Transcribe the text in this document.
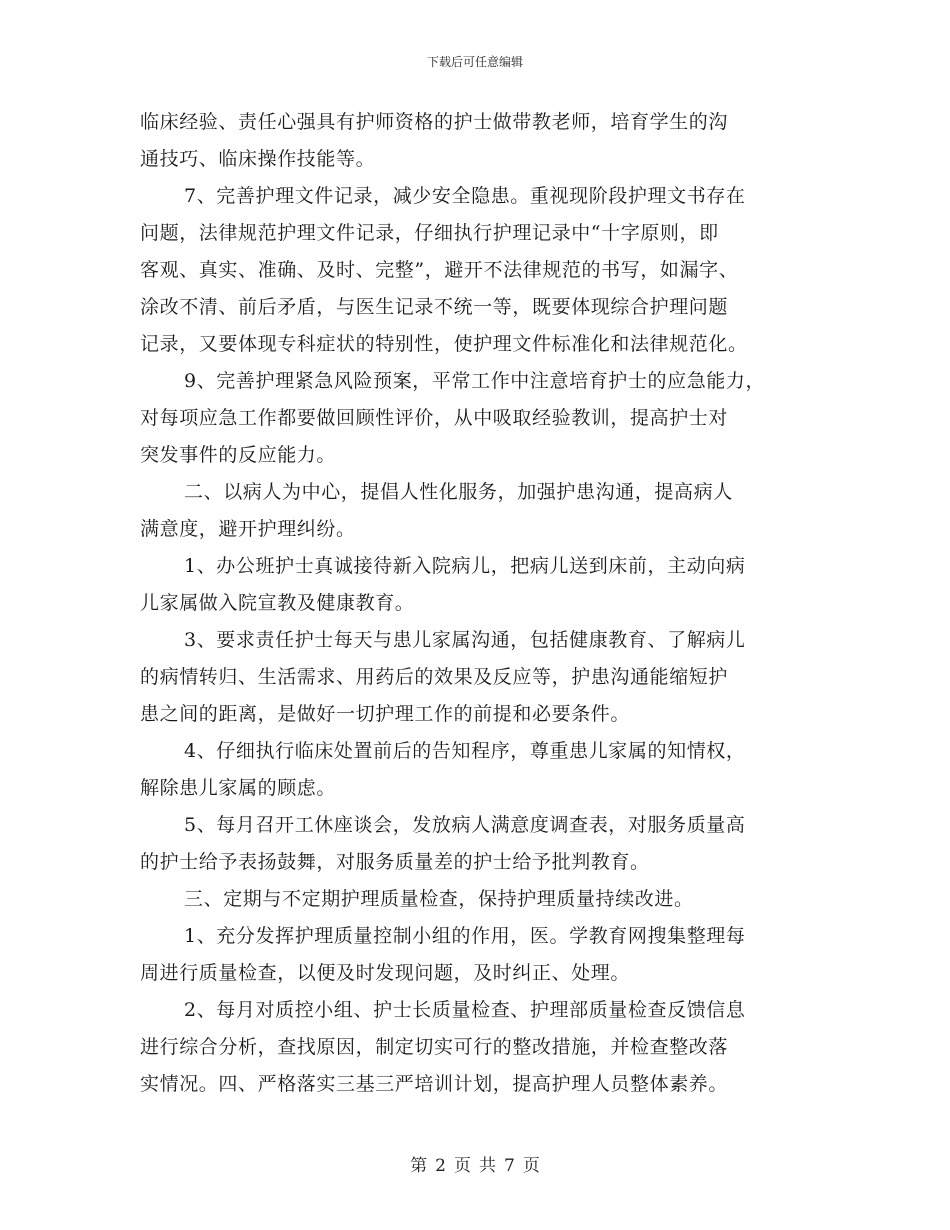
下载后可任意编辑
临床经验、责任心强具有护师资格的护士做带教老师，培育学生的沟
通技巧、临床操作技能等。
7、完善护理文件记录，减少安全隐患。重视现阶段护理文书存在
问题，法律规范护理文件记录，仔细执行护理记录中“十字原则，即
客观、真实、准确、及时、完整”，避开不法律规范的书写，如漏字、
涂改不清、前后矛盾，与医生记录不统一等，既要体现综合护理问题
记录，又要体现专科症状的特别性，使护理文件标准化和法律规范化。
9、完善护理紧急风险预案，平常工作中注意培育护士的应急能力，
对每项应急工作都要做回顾性评价，从中吸取经验教训，提高护士对
突发事件的反应能力。
二、以病人为中心，提倡人性化服务，加强护患沟通，提高病人
满意度，避开护理纠纷。
1、办公班护士真诚接待新入院病儿，把病儿送到床前，主动向病
儿家属做入院宣教及健康教育。
3、要求责任护士每天与患儿家属沟通，包括健康教育、了解病儿
的病情转归、生活需求、用药后的效果及反应等，护患沟通能缩短护
患之间的距离，是做好一切护理工作的前提和必要条件。
4、仔细执行临床处置前后的告知程序，尊重患儿家属的知情权，
解除患儿家属的顾虑。
5、每月召开工休座谈会，发放病人满意度调查表，对服务质量高
的护士给予表扬鼓舞，对服务质量差的护士给予批判教育。
三、定期与不定期护理质量检查，保持护理质量持续改进。
1、充分发挥护理质量控制小组的作用，医。学教育网搜集整理每
周进行质量检查，以便及时发现问题，及时纠正、处理。
2、每月对质控小组、护士长质量检查、护理部质量检查反馈信息
进行综合分析，查找原因，制定切实可行的整改措施，并检查整改落
实情况。四、严格落实三基三严培训计划，提高护理人员整体素养。
第 2 页 共 7 页
